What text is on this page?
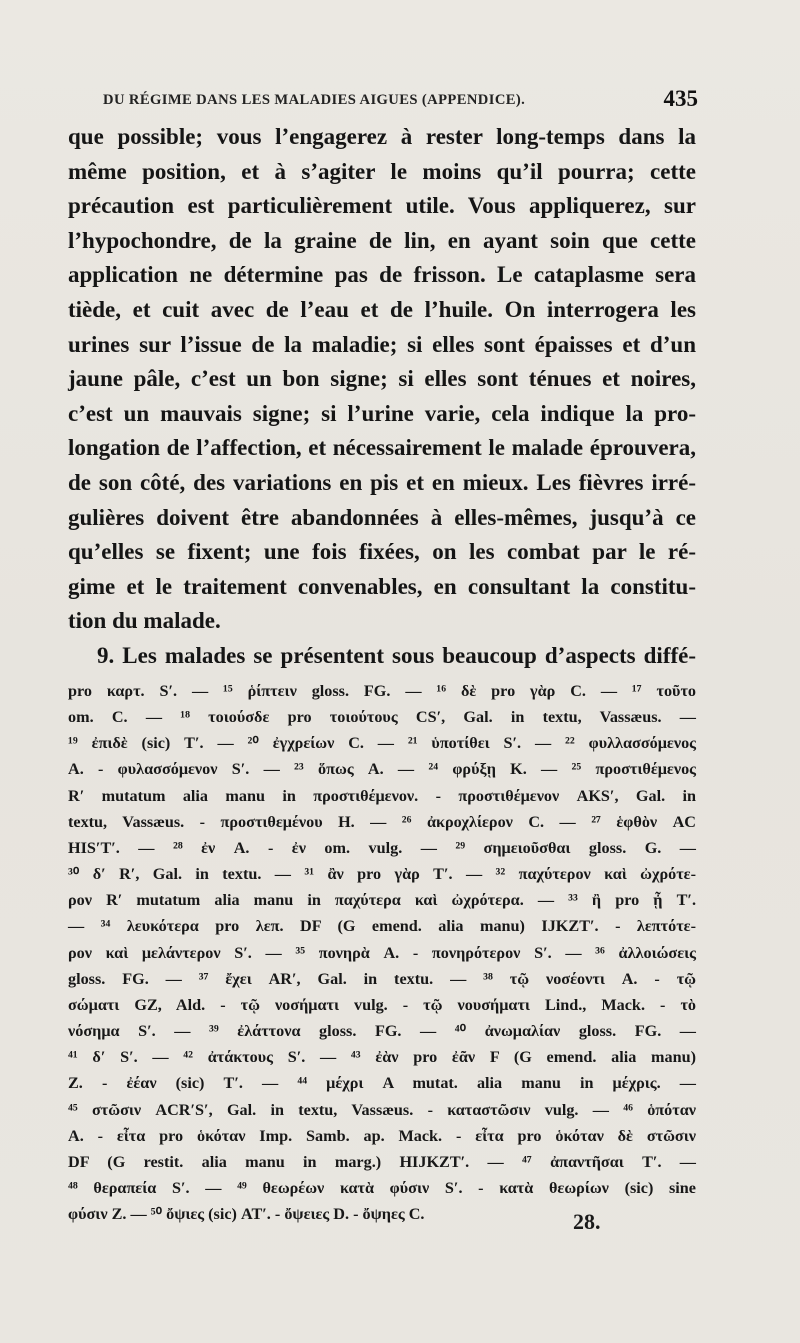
DU RÉGIME DANS LES MALADIES AIGUES (APPENDICE).	435
que possible; vous l’engagerez à rester long-temps dans la
même position, et à s’agiter le moins qu’il pourra; cette
précaution est particulièrement utile. Vous appliquerez, sur
l’hypochondre, de la graine de lin, en ayant soin que cette
application ne détermine pas de frisson. Le cataplasme sera
tiède, et cuit avec de l’eau et de l’huile. On interrogera les
urines sur l’issue de la maladie; si elles sont épaisses et d’un
jaune pâle, c’est un bon signe; si elles sont ténues et noires,
c’est un mauvais signe; si l’urine varie, cela indique la pro-
longation de l’affection, et nécessairement le malade éprouvera,
de son côté, des variations en pis et en mieux. Les fièvres irré-
gulières doivent être abandonnées à elles-mêmes, jusqu’à ce
qu’elles se fixent; une fois fixées, on les combat par le ré-
gime et le traitement convenables, en consultant la constitu-
tion du malade.
9. Les malades se présentent sous beaucoup d’aspects diffé-
pro καρτ. S′. — ¹⁵ ῥίπτειν gloss. FG. — ¹⁶ δὲ pro γὰρ C. — ¹⁷ τοῦτο
om. C. — ¹⁸ τοιούσδε pro τοιούτους CS′, Gal. in textu, Vassæus. —
¹⁹ ἐπιδὲ (sic) T′. — ²⁰ ἐγχρείων C. — ²¹ ὑποτίθει S′. — ²² φυλλασσόμενος
A. - φυλασσόμενον S′. — ²³ ὅπως A. — ²⁴ φρύξῃ K. — ²⁵ προστιθέμενος
R′ mutatum alia manu in προστιθέμενον. - προστιθέμενον AKS′, Gal. in
textu, Vassæus. - προστιθεμένου H. — ²⁶ ἀκροχλίερον C. — ²⁷ ἑφθὸν AC
HIS′T′. — ²⁸ ἐν A. - ἐν om. vulg. — ²⁹ σημειοῦσθαι gloss. G. —
³⁰ δ′ R′, Gal. in textu. — ³¹ ἂν pro γὰρ T′. — ³² παχύτερον καὶ ὠχρότε-
ρον R′ mutatum alia manu in παχύτερα καὶ ὠχρότερα. — ³³ ἢ pro ᾖ T′.
— ³⁴ λευκότερα pro λεπ. DF (G emend. alia manu) IJKZT′. - λεπτότε-
ρον καὶ μελάντερον S′. — ³⁵ πονηρὰ A. - πονηρότερον S′. — ³⁶ ἀλλοιώσεις
gloss. FG. — ³⁷ ἔχει AR′, Gal. in textu. — ³⁸ τῷ νοσέοντι A. - τῷ
σώματι GZ, Ald. - τῷ νοσήματι vulg. - τῷ νουσήματι Lind., Mack. - τὸ
νόσημα S′. — ³⁹ ἐλάττονα gloss. FG. — ⁴⁰ ἀνωμαλίαν gloss. FG. —
⁴¹ δ′ S′. — ⁴² ἀτάκτους S′. — ⁴³ ἐὰν pro ἐᾶν F (G emend. alia manu)
Z. - ἐέαν (sic) T′. — ⁴⁴ μέχρι A mutat. alia manu in μέχρις. —
⁴⁵ στῶσιν ACR′S′, Gal. in textu, Vassæus. - καταστῶσιν vulg. — ⁴⁶ ὁπόταν
A. - εἶτα pro ὁκόταν Imp. Samb. ap. Mack. - εἶτα pro ὁκόταν δὲ στῶσιν
DF (G restit. alia manu in marg.) HIJKZT′. — ⁴⁷ ἀπαντῆσαι T′. —
⁴⁸ θεραπεία S′. — ⁴⁹ θεωρέων κατὰ φύσιν S′. - κατὰ θεωρίων (sic) sine
φύσιν Z. — ⁵⁰ ὄψιες (sic) AT′. - ὄψειες D. - ὄψηες C.	28.
